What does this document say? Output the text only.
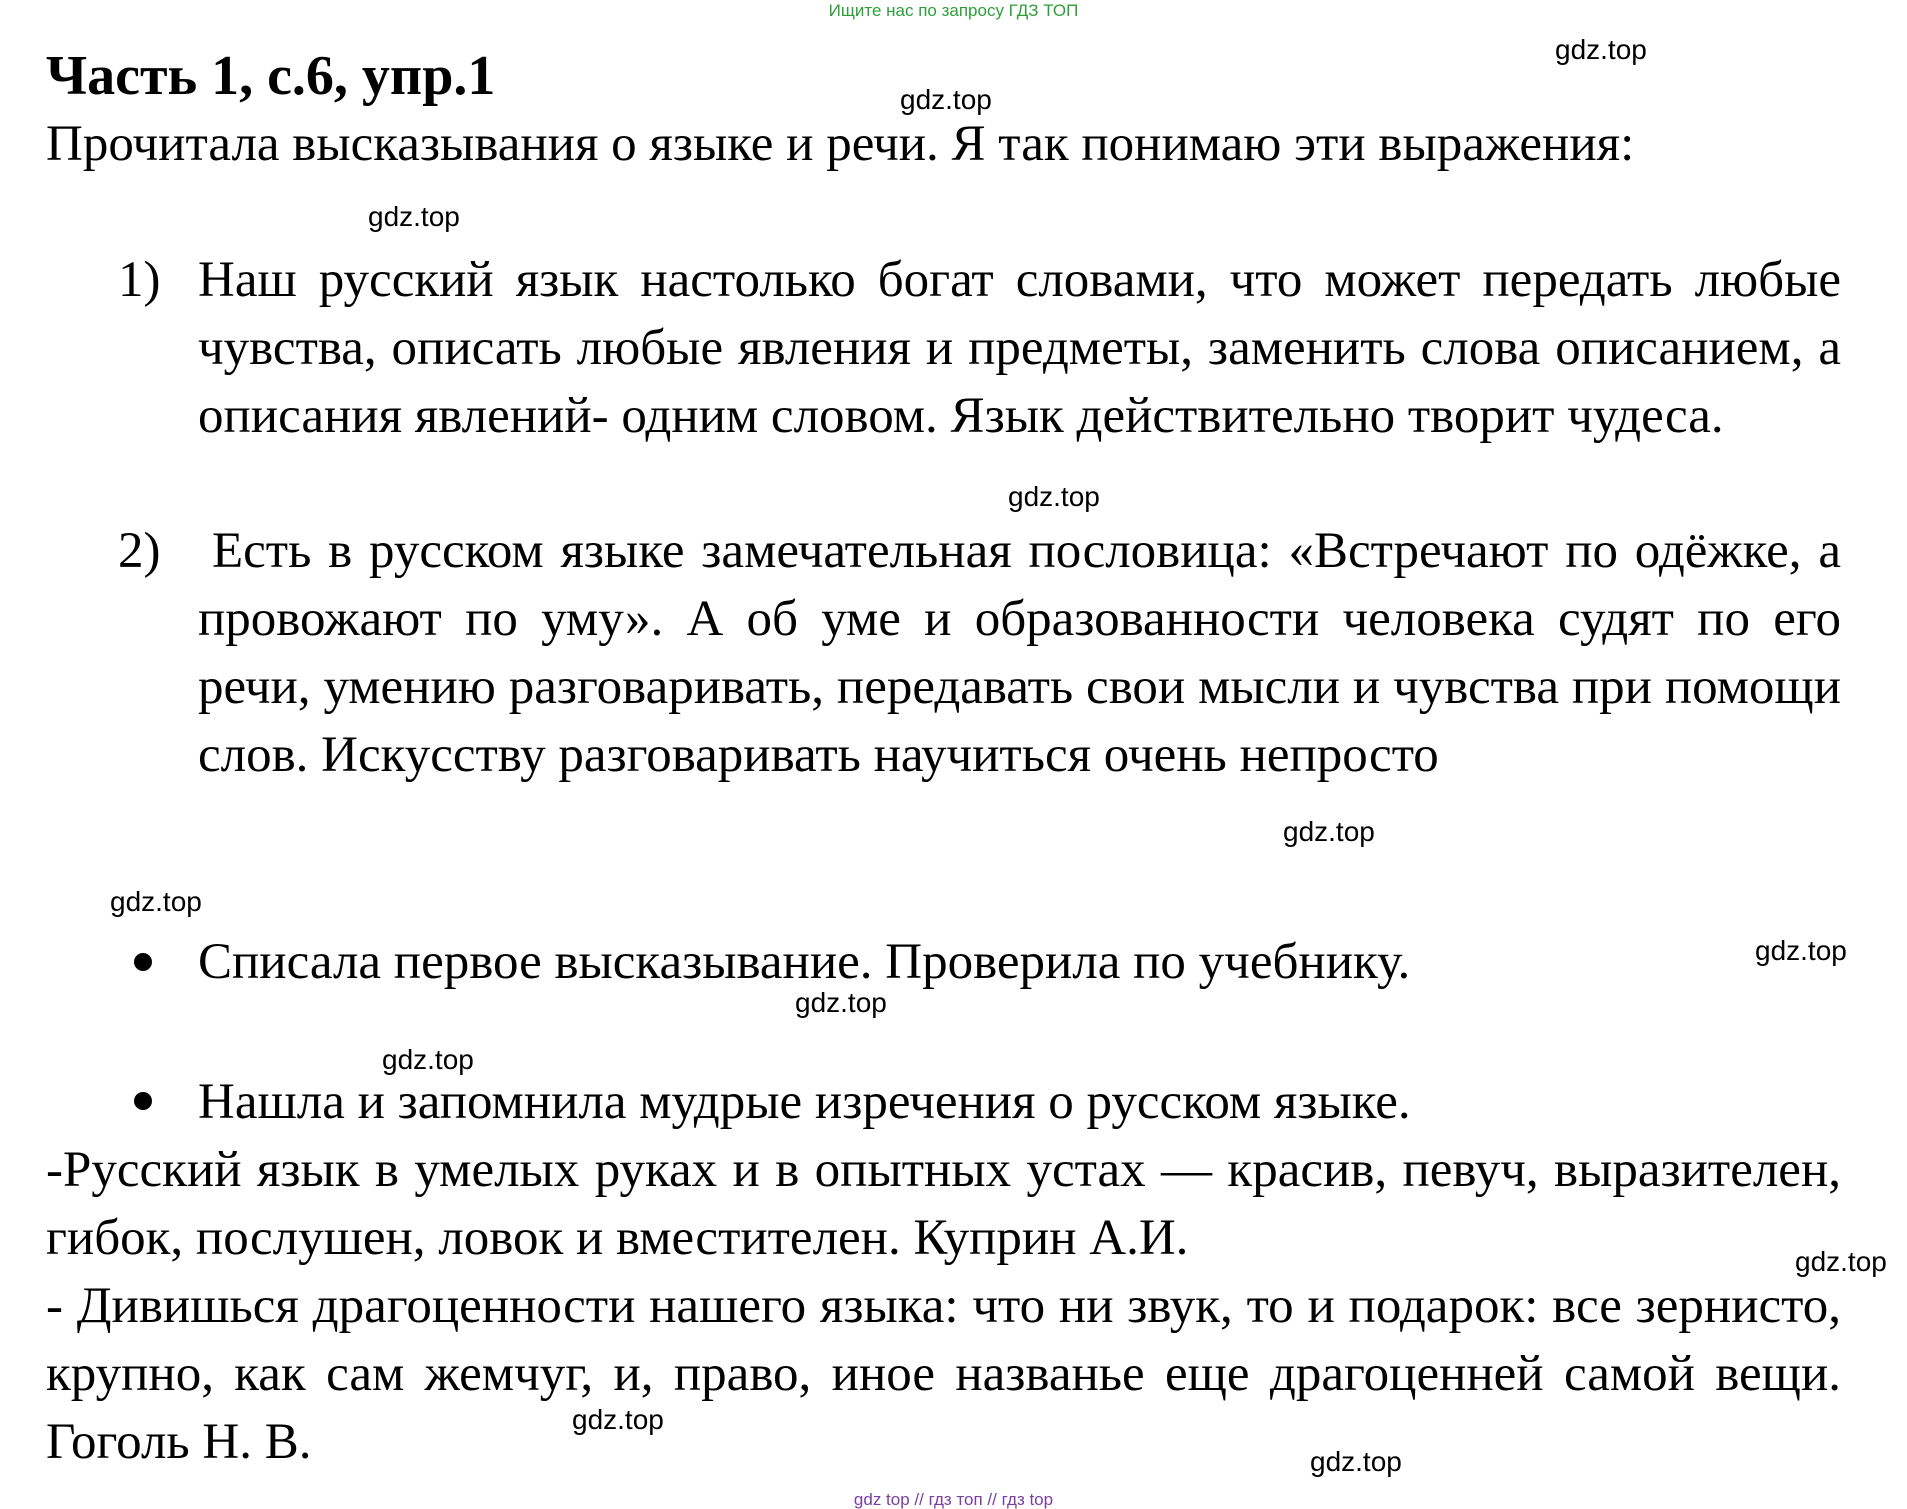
Ищите нас по запросу ГДЗ ТОП
Часть 1, с.6, упр.1

Прочитала высказывания о языке и речи. Я так понимаю эти выражения:

1) Наш русский язык настолько богат словами, что может передать любые чувства, описать любые явления и предметы, заменить слова описанием, а описания явлений- одним словом. Язык действительно творит чудеса.

2) Есть в русском языке замечательная пословица: «Встречают по одёжке, а провожают по уму». А об уме и образованности человека судят по его речи, умению разговаривать, передавать свои мысли и чувства при помощи слов. Искусству разговаривать научиться очень непросто

Списала первое высказывание. Проверила по учебнику.

Нашла и запомнила мудрые изречения о русском языке.

-Русский язык в умелых руках и в опытных устах — красив, певуч, выразителен, гибок, послушен, ловок и вместителен. Куприн А.И.

- Дивишься драгоценности нашего языка: что ни звук, то и подарок: все зернисто, крупно, как сам жемчуг, и, право, иное названье еще драгоценней самой вещи. Гоголь Н. В.

gdz.top
gdz.top
gdz.top
gdz.top
gdz.top
gdz.top
gdz.top
gdz.top
gdz.top
gdz.top
gdz.top
gdz.top
gdz top // гдз топ // гдз top
